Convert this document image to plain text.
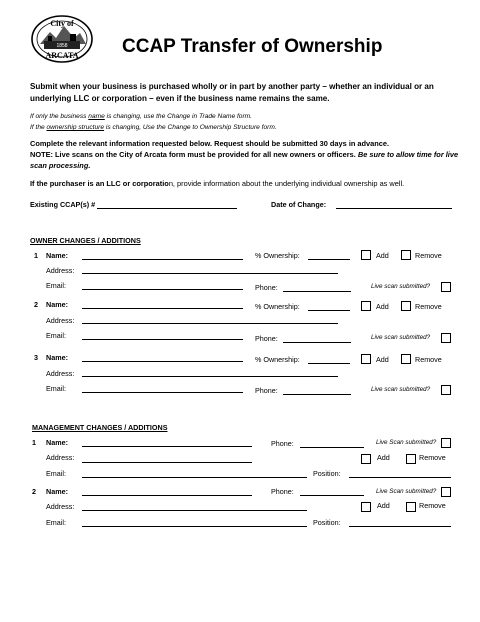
City of
ARCATA
1858	CCAP Transfer of Ownership
Submit when your business is purchased wholly or in part by another party – whether an individual or an underlying LLC or corporation – even if the business name remains the same.
If only the business name is changing, use the Change in Trade Name form.
If the ownership structure is changing, Use the Change to Ownership Structure form.
Complete the relevant information requested below. Request should be submitted 30 days in advance.
NOTE: Live scans on the City of Arcata form must be provided for all new owners or officers. Be sure to allow time for live scan processing.
If the purchaser is an LLC or corporation, provide information about the underlying individual ownership as well.
Existing CCAP(s) #	Date of Change:
OWNER CHANGES / ADDITIONS
1 Name:	% Ownership:	Add	Remove
Address:
Email:	Phone:	Live scan submitted?
2 Name:	% Ownership:	Add	Remove
Address:
Email:	Phone:	Live scan submitted?
3 Name:	% Ownership:	Add	Remove
Address:
Email:	Phone:	Live scan submitted?
MANAGEMENT CHANGES / ADDITIONS
1 Name:	Phone:	Live Scan submitted?
Address:	Add	Remove
Email:	Position:
2 Name:	Phone:	Live Scan submitted?
Address:	Add	Remove
Email:	Position:
